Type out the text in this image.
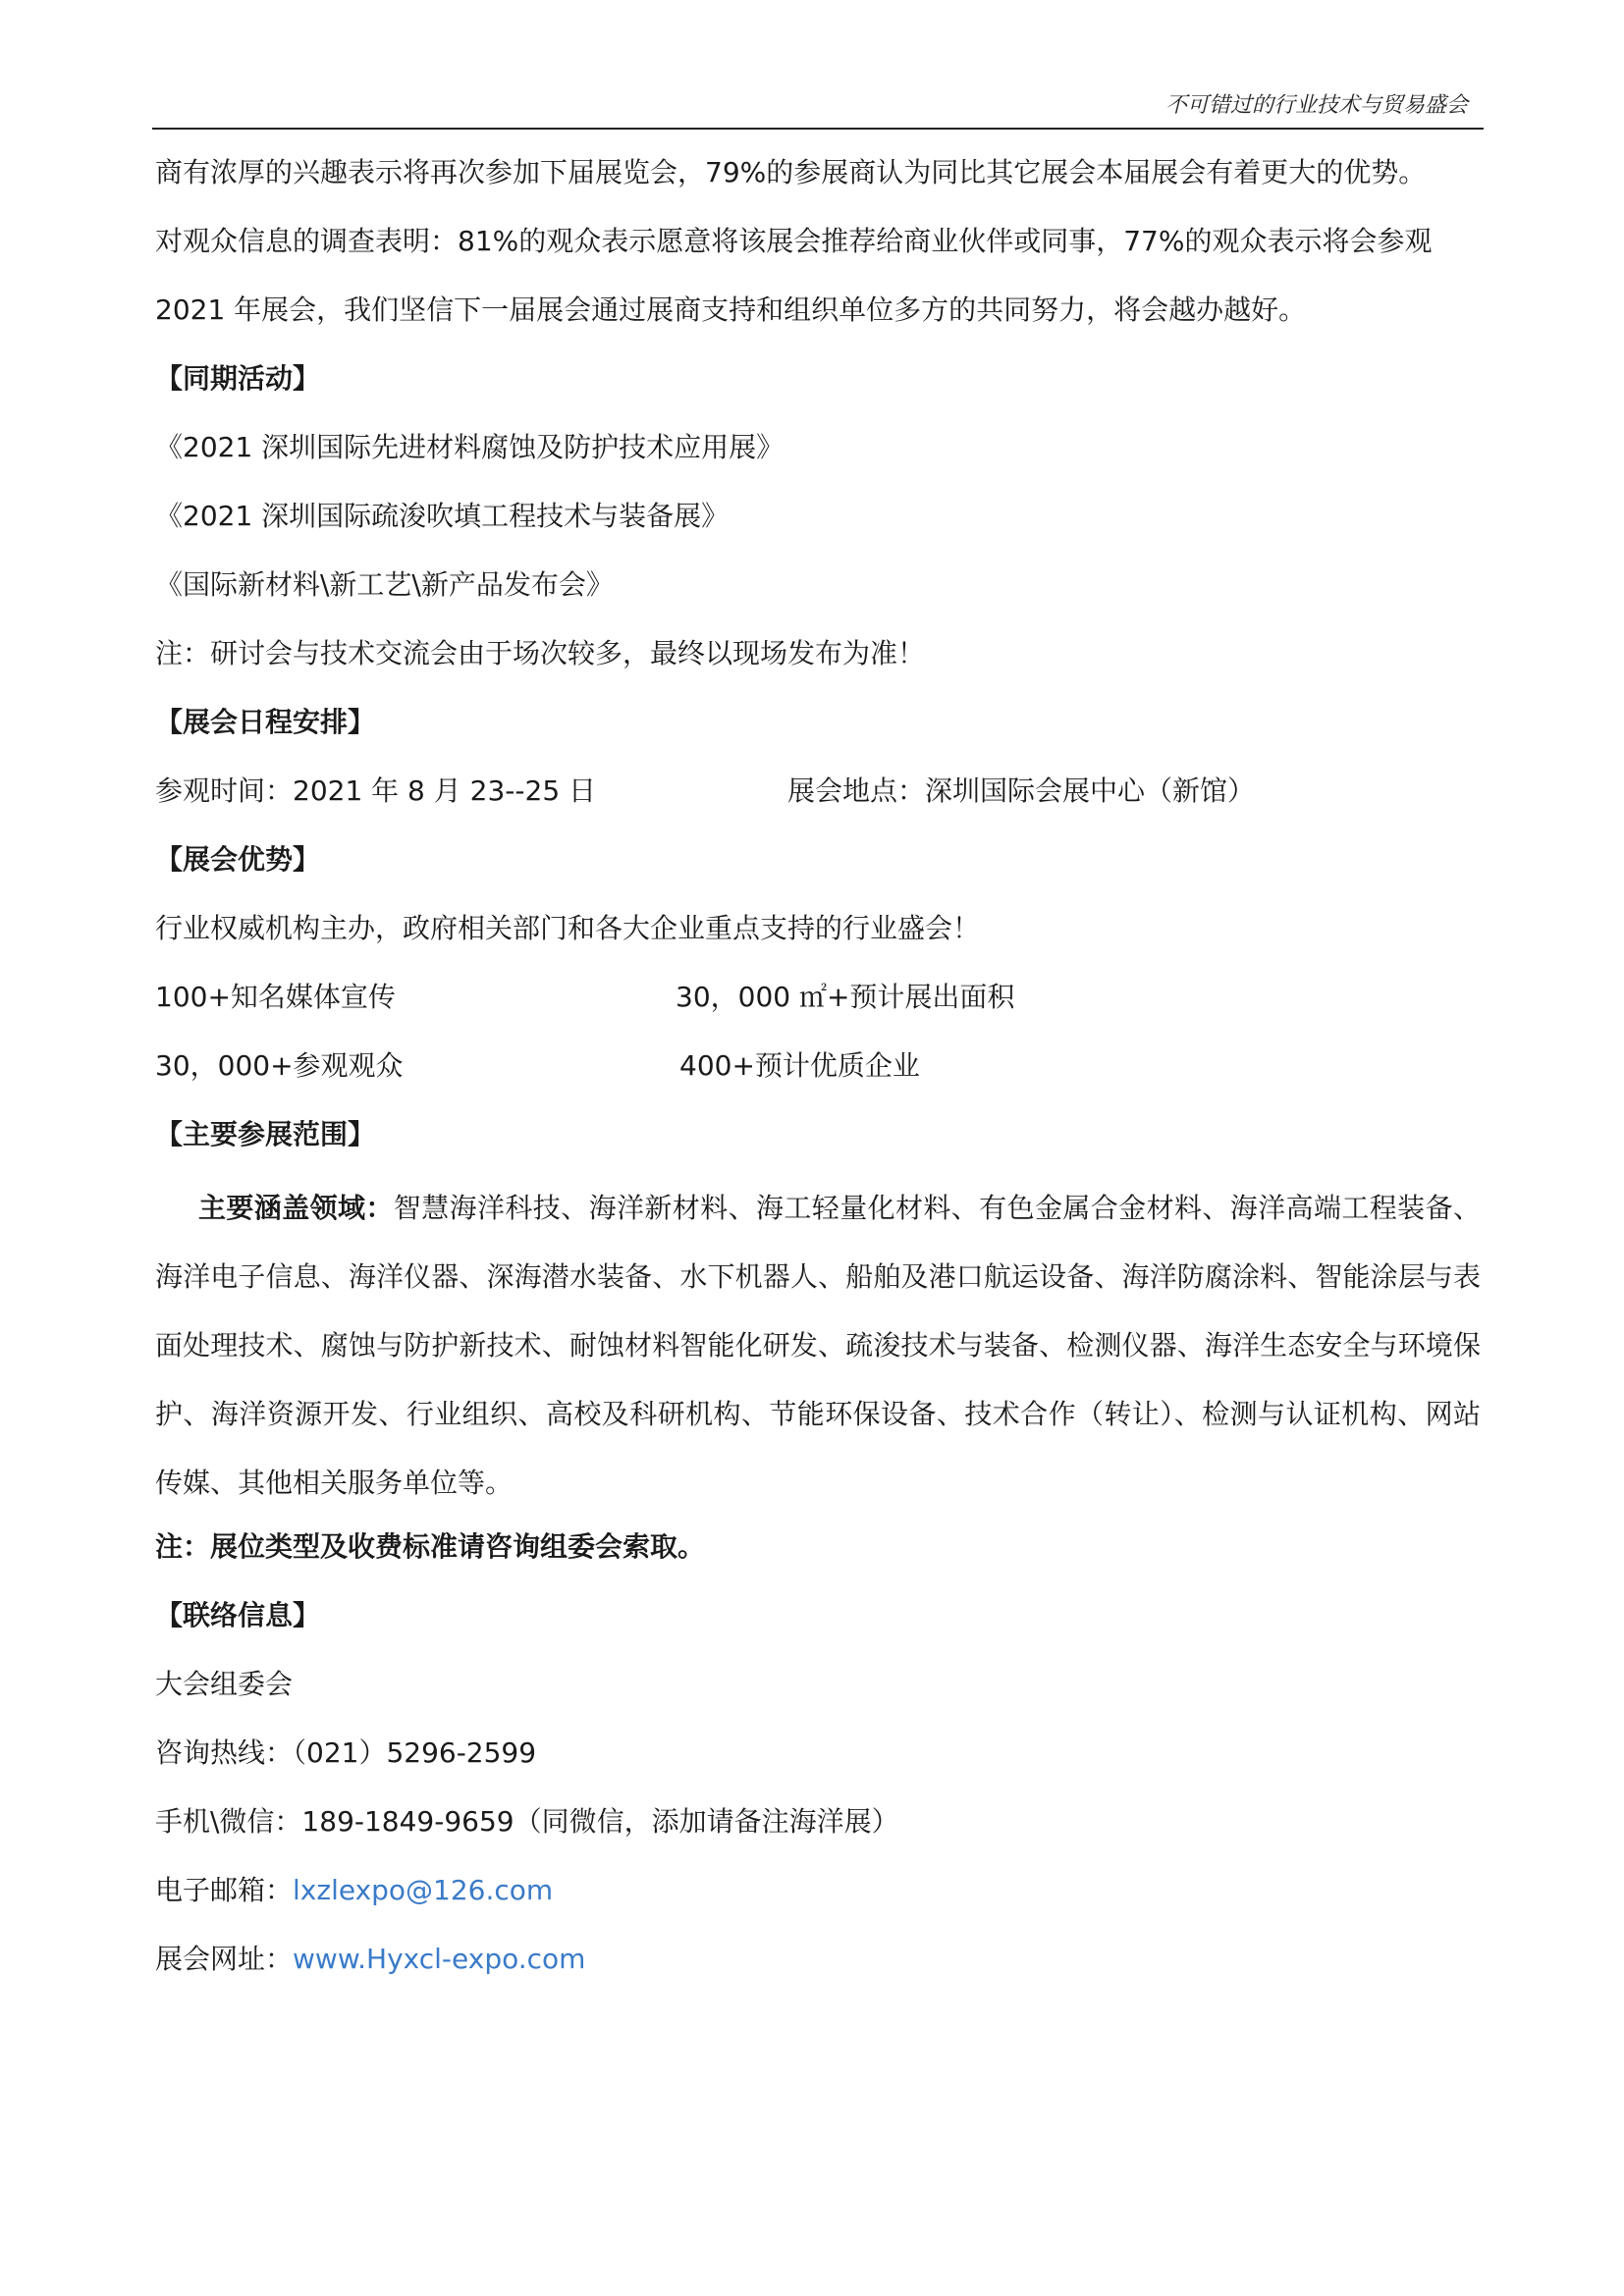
不可错过的行业技术与贸易盛会
商有浓厚的兴趣表示将再次参加下届展览会，79%的参展商认为同比其它展会本届展会有着更大的优势。
对观众信息的调查表明：81%的观众表示愿意将该展会推荐给商业伙伴或同事，77%的观众表示将会参观
2021 年展会，我们坚信下一届展会通过展商支持和组织单位多方的共同努力，将会越办越好。
【同期活动】
《2021 深圳国际先进材料腐蚀及防护技术应用展》
《2021 深圳国际疏浚吹填工程技术与装备展》
《国际新材料\新工艺\新产品发布会》
注：研讨会与技术交流会由于场次较多，最终以现场发布为准！
【展会日程安排】
参观时间：2021 年 8 月 23--25 日	展会地点：深圳国际会展中心（新馆）
【展会优势】
行业权威机构主办，政府相关部门和各大企业重点支持的行业盛会！
100+知名媒体宣传	30，000 ㎡+预计展出面积
30，000+参观观众	400+预计优质企业
【主要参展范围】
主要涵盖领域：智慧海洋科技、海洋新材料、海工轻量化材料、有色金属合金材料、海洋高端工程装备、海洋电子信息、海洋仪器、深海潜水装备、水下机器人、船舶及港口航运设备、海洋防腐涂料、智能涂层与表面处理技术、腐蚀与防护新技术、耐蚀材料智能化研发、疏浚技术与装备、检测仪器、海洋生态安全与环境保护、海洋资源开发、行业组织、高校及科研机构、节能环保设备、技术合作（转让）、检测与认证机构、网站传媒、其他相关服务单位等。
注：展位类型及收费标准请咨询组委会索取。
【联络信息】
大会组委会
咨询热线：（021）5296-2599
手机\微信：189-1849-9659（同微信，添加请备注海洋展）
电子邮箱：lxzlexpo@126.com
展会网址：www.Hyxcl-expo.com
